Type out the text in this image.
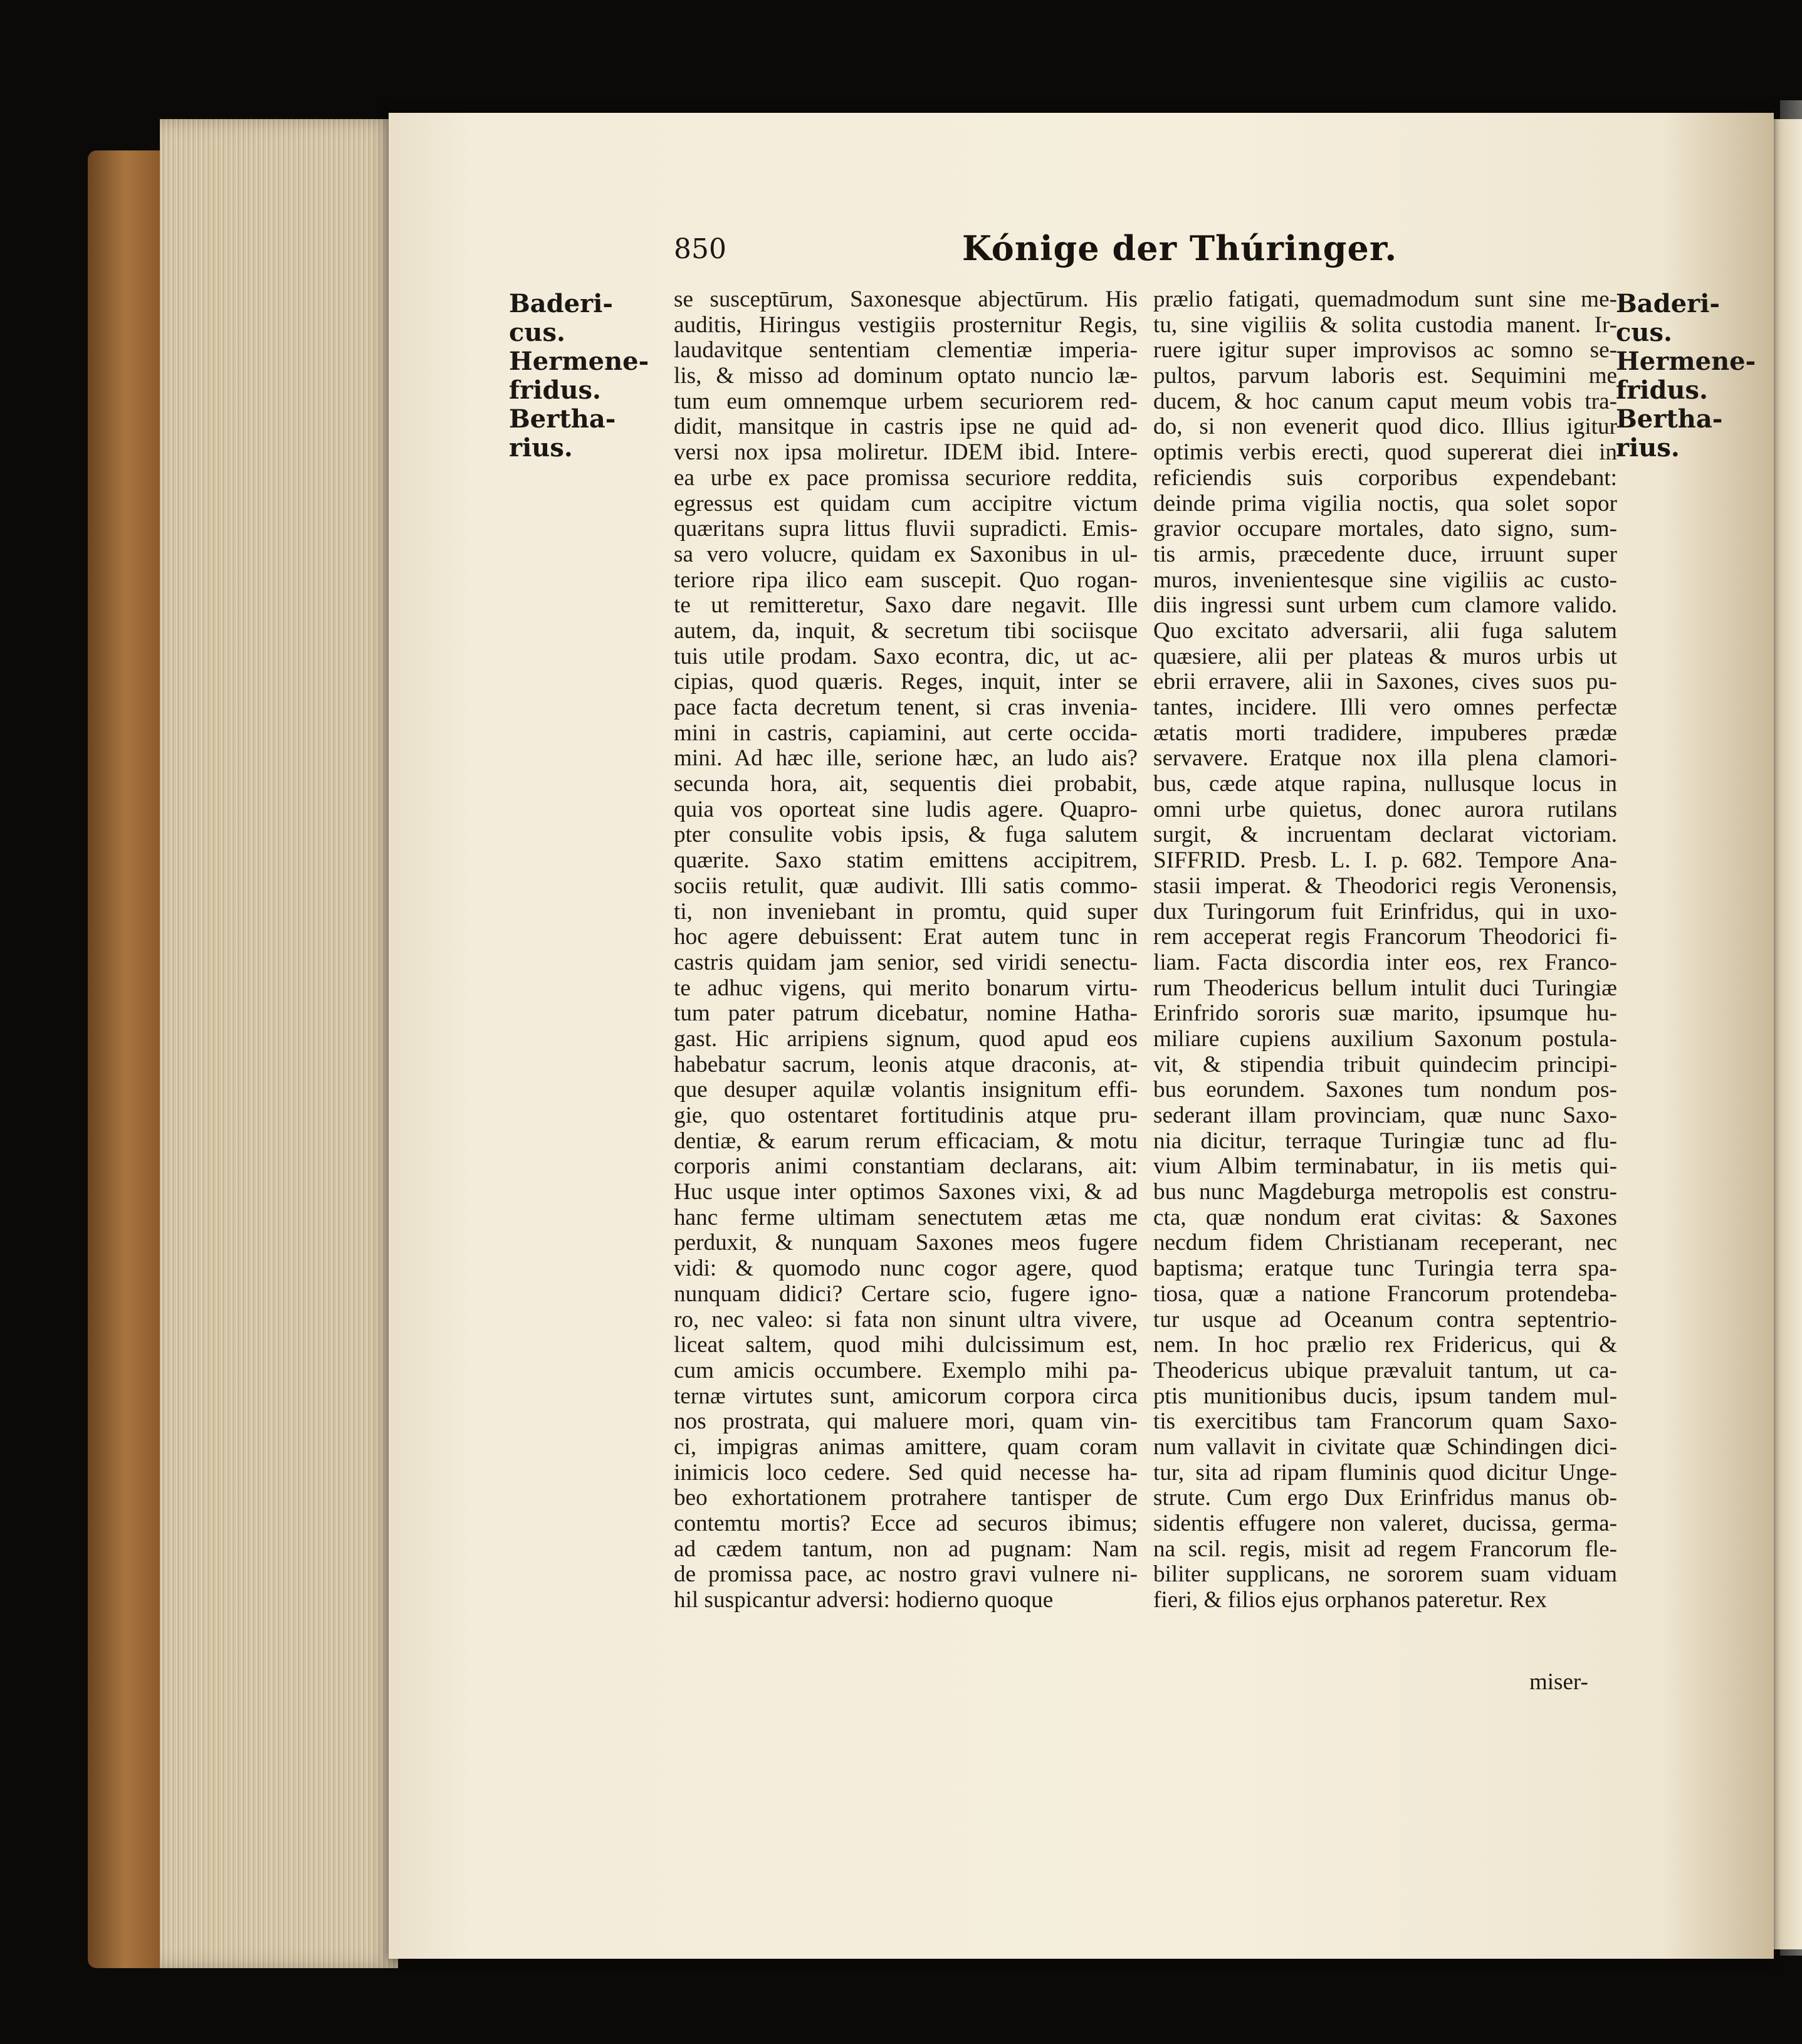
850	Kónige der Thúringer.
Baderi-
cus.
Hermene-
fridus.
Bertha-
rius.
Baderi-
cus.
Hermene-
fridus.
Bertha-
rius.
se susceptūrum, Saxonesque abjectūrum. His
auditis, Hiringus vestigiis prosternitur Regis,
laudavitque sententiam clementiæ imperia-
lis, & misso ad dominum optato nuncio læ-
tum eum omnemque urbem securiorem red-
didit, mansitque in castris ipse ne quid ad-
versi nox ipsa moliretur. IDEM ibid. Intere-
ea urbe ex pace promissa securiore reddita,
egressus est quidam cum accipitre victum
quæritans supra littus fluvii supradicti. Emis-
sa vero volucre, quidam ex Saxonibus in ul-
teriore ripa ilico eam suscepit. Quo rogan-
te ut remitteretur, Saxo dare negavit. Ille
autem, da, inquit, & secretum tibi sociisque
tuis utile prodam. Saxo econtra, dic, ut ac-
cipias, quod quæris. Reges, inquit, inter se
pace facta decretum tenent, si cras invenia-
mini in castris, capiamini, aut certe occida-
mini. Ad hæc ille, serione hæc, an ludo ais?
secunda hora, ait, sequentis diei probabit,
quia vos oporteat sine ludis agere. Quapro-
pter consulite vobis ipsis, & fuga salutem
quærite. Saxo statim emittens accipitrem,
sociis retulit, quæ audivit. Illi satis commo-
ti, non inveniebant in promtu, quid super
hoc agere debuissent: Erat autem tunc in
castris quidam jam senior, sed viridi senectu-
te adhuc vigens, qui merito bonarum virtu-
tum pater patrum dicebatur, nomine Hatha-
gast. Hic arripiens signum, quod apud eos
habebatur sacrum, leonis atque draconis, at-
que desuper aquilæ volantis insignitum effi-
gie, quo ostentaret fortitudinis atque pru-
dentiæ, & earum rerum efficaciam, & motu
corporis animi constantiam declarans, ait:
Huc usque inter optimos Saxones vixi, & ad
hanc ferme ultimam senectutem ætas me
perduxit, & nunquam Saxones meos fugere
vidi: & quomodo nunc cogor agere, quod
nunquam didici? Certare scio, fugere igno-
ro, nec valeo: si fata non sinunt ultra vivere,
liceat saltem, quod mihi dulcissimum est,
cum amicis occumbere. Exemplo mihi pa-
ternæ virtutes sunt, amicorum corpora circa
nos prostrata, qui maluere mori, quam vin-
ci, impigras animas amittere, quam coram
inimicis loco cedere. Sed quid necesse ha-
beo exhortationem protrahere tantisper de
contemtu mortis? Ecce ad securos ibimus;
ad cædem tantum, non ad pugnam: Nam
de promissa pace, ac nostro gravi vulnere ni-
hil suspicantur adversi: hodierno quoque
prælio fatigati, quemadmodum sunt sine me-
tu, sine vigiliis & solita custodia manent. Ir-
ruere igitur super improvisos ac somno se-
pultos, parvum laboris est. Sequimini me
ducem, & hoc canum caput meum vobis tra-
do, si non evenerit quod dico. Illius igitur
optimis verbis erecti, quod supererat diei in
reficiendis suis corporibus expendebant:
deinde prima vigilia noctis, qua solet sopor
gravior occupare mortales, dato signo, sum-
tis armis, præcedente duce, irruunt super
muros, invenientesque sine vigiliis ac custo-
diis ingressi sunt urbem cum clamore valido.
Quo excitato adversarii, alii fuga salutem
quæsiere, alii per plateas & muros urbis ut
ebrii erravere, alii in Saxones, cives suos pu-
tantes, incidere. Illi vero omnes perfectæ
ætatis morti tradidere, impuberes prædæ
servavere. Eratque nox illa plena clamori-
bus, cæde atque rapina, nullusque locus in
omni urbe quietus, donec aurora rutilans
surgit, & incruentam declarat victoriam.
SIFFRID. Presb. L. I. p. 682. Tempore Ana-
stasii imperat. & Theodorici regis Veronensis,
dux Turingorum fuit Erinfridus, qui in uxo-
rem acceperat regis Francorum Theodorici fi-
liam. Facta discordia inter eos, rex Franco-
rum Theodericus bellum intulit duci Turingiæ
Erinfrido sororis suæ marito, ipsumque hu-
miliare cupiens auxilium Saxonum postula-
vit, & stipendia tribuit quindecim principi-
bus eorundem. Saxones tum nondum pos-
sederant illam provinciam, quæ nunc Saxo-
nia dicitur, terraque Turingiæ tunc ad flu-
vium Albim terminabatur, in iis metis qui-
bus nunc Magdeburga metropolis est constru-
cta, quæ nondum erat civitas: & Saxones
necdum fidem Christianam receperant, nec
baptisma; eratque tunc Turingia terra spa-
tiosa, quæ a natione Francorum protendeba-
tur usque ad Oceanum contra septentrio-
nem. In hoc prælio rex Fridericus, qui &
Theodericus ubique prævaluit tantum, ut ca-
ptis munitionibus ducis, ipsum tandem mul-
tis exercitibus tam Francorum quam Saxo-
num vallavit in civitate quæ Schindingen dici-
tur, sita ad ripam fluminis quod dicitur Unge-
strute. Cum ergo Dux Erinfridus manus ob-
sidentis effugere non valeret, ducissa, germa-
na scil. regis, misit ad regem Francorum fle-
biliter supplicans, ne sororem suam viduam
fieri, & filios ejus orphanos pateretur. Rex
miser-
